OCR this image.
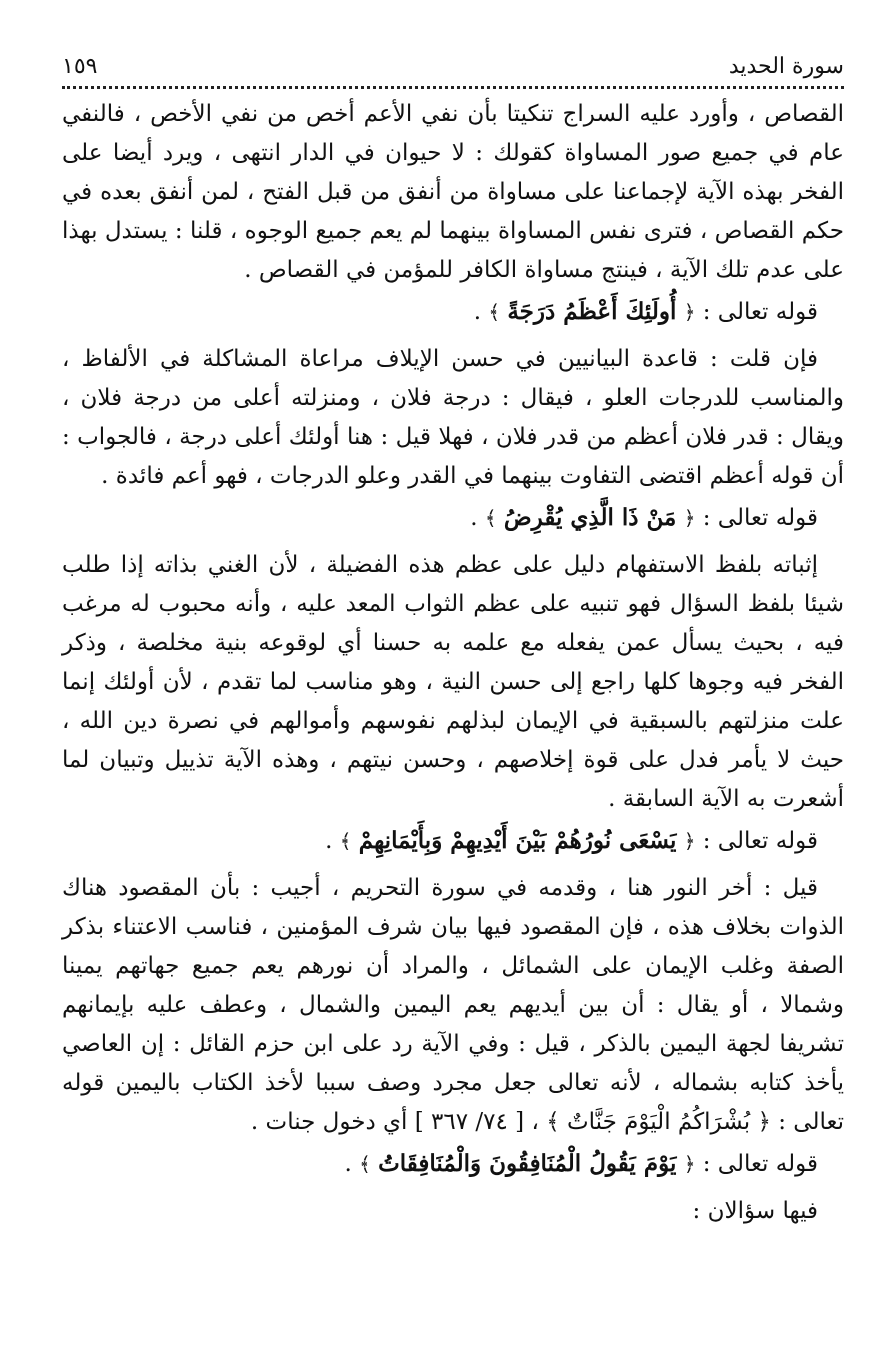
سورة الحديد
١٥٩

القصاص ، وأورد عليه السراج تنكيتا بأن نفي الأعم أخص من نفي الأخص ، فالنفي عام في جميع صور المساواة كقولك : لا حيوان في الدار انتهى ، ويرد أيضا على الفخر بهذه الآية لإجماعنا على مساواة من أنفق من قبل الفتح ، لمن أنفق بعده في حكم القصاص ، فترى نفس المساواة بينهما لم يعم جميع الوجوه ، قلنا : يستدل بهذا على عدم تلك الآية ، فينتج مساواة الكافر للمؤمن في القصاص .

قوله تعالى : ﴿ أُولَئِكَ أَعْظَمُ دَرَجَةً ﴾ .

فإن قلت : قاعدة البيانيين في حسن الإيلاف مراعاة المشاكلة في الألفاظ ، والمناسب للدرجات العلو ، فيقال : درجة فلان ، ومنزلته أعلى من درجة فلان ، ويقال : قدر فلان أعظم من قدر فلان ، فهلا قيل : هنا أولئك أعلى درجة ، فالجواب : أن قوله أعظم اقتضى التفاوت بينهما في القدر وعلو الدرجات ، فهو أعم فائدة .

قوله تعالى : ﴿ مَنْ ذَا الَّذِي يُقْرِضُ ﴾ .

إثباته بلفظ الاستفهام دليل على عظم هذه الفضيلة ، لأن الغني بذاته إذا طلب شيئا بلفظ السؤال فهو تنبيه على عظم الثواب المعد عليه ، وأنه محبوب له مرغب فيه ، بحيث يسأل عمن يفعله مع علمه به حسنا أي لوقوعه بنية مخلصة ، وذكر الفخر فيه وجوها كلها راجع إلى حسن النية ، وهو مناسب لما تقدم ، لأن أولئك إنما علت منزلتهم بالسبقية في الإيمان لبذلهم نفوسهم وأموالهم في نصرة دين الله ، حيث لا يأمر فدل على قوة إخلاصهم ، وحسن نيتهم ، وهذه الآية تذييل وتبيان لما أشعرت به الآية السابقة .

قوله تعالى : ﴿ يَسْعَى نُورُهُمْ بَيْنَ أَيْدِيهِمْ وَبِأَيْمَانِهِمْ ﴾ .

قيل : أخر النور هنا ، وقدمه في سورة التحريم ، أجيب : بأن المقصود هناك الذوات بخلاف هذه ، فإن المقصود فيها بيان شرف المؤمنين ، فناسب الاعتناء بذكر الصفة وغلب الإيمان على الشمائل ، والمراد أن نورهم يعم جميع جهاتهم يمينا وشمالا ، أو يقال : أن بين أيديهم يعم اليمين والشمال ، وعطف عليه بإيمانهم تشريفا لجهة اليمين بالذكر ، قيل : وفي الآية رد على ابن حزم القائل : إن العاصي يأخذ كتابه بشماله ، لأنه تعالى جعل مجرد وصف سببا لأخذ الكتاب باليمين قوله تعالى : ﴿ بُشْرَاكُمُ الْيَوْمَ جَنَّاتٌ ﴾ ، [ ٧٤/ ٣٦٧ ] أي دخول جنات .

قوله تعالى : ﴿ يَوْمَ يَقُولُ الْمُنَافِقُونَ وَالْمُنَافِقَاتُ ﴾ .

فيها سؤالان :
